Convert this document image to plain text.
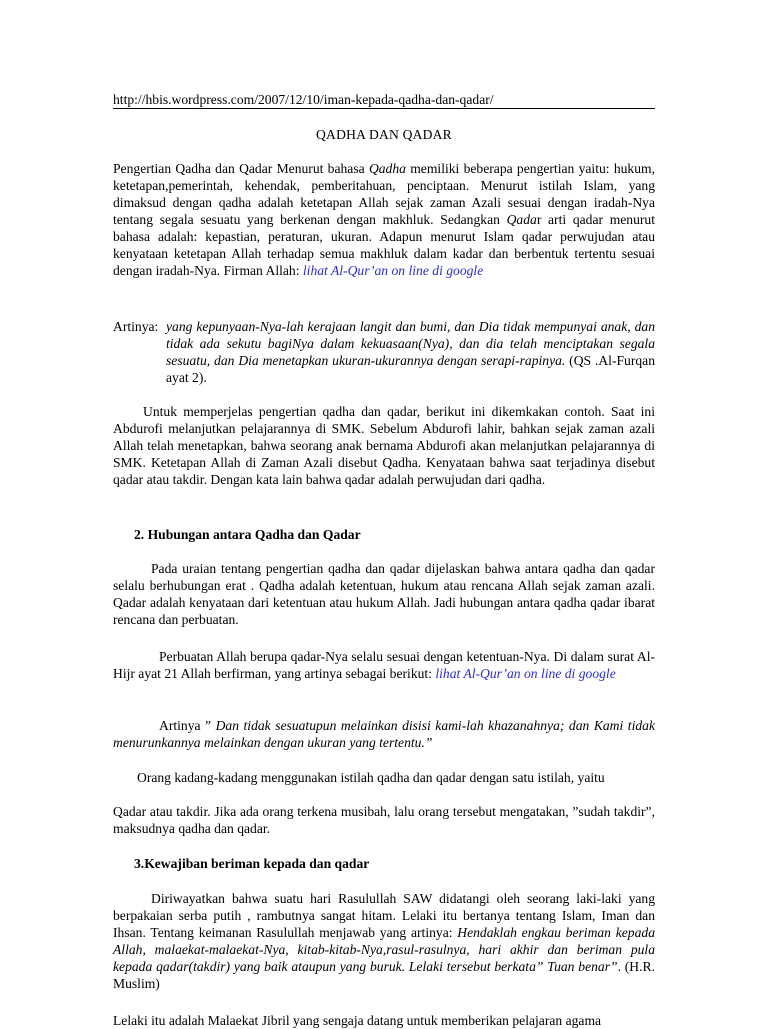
http://hbis.wordpress.com/2007/12/10/iman-kepada-qadha-dan-qadar/
QADHA DAN QADAR

Pengertian Qadha dan Qadar Menurut bahasa Qadha memiliki beberapa pengertian yaitu: hukum, ketetapan,pemerintah, kehendak, pemberitahuan, penciptaan. Menurut istilah Islam, yang dimaksud dengan qadha adalah ketetapan Allah sejak zaman Azali sesuai dengan iradah-Nya tentang segala sesuatu yang berkenan dengan makhluk. Sedangkan Qadar arti qadar menurut bahasa adalah: kepastian, peraturan, ukuran. Adapun menurut Islam qadar perwujudan atau kenyataan ketetapan Allah terhadap semua makhluk dalam kadar dan berbentuk tertentu sesuai dengan iradah-Nya. Firman Allah: lihat Al-Qur’an on line di google

Artinya: yang kepunyaan-Nya-lah kerajaan langit dan bumi, dan Dia tidak mempunyai anak, dan tidak ada sekutu bagiNya dalam kekuasaan(Nya), dan dia telah menciptakan segala sesuatu, dan Dia menetapkan ukuran-ukurannya dengan serapi-rapinya. (QS .Al-Furqan ayat 2).

Untuk memperjelas pengertian qadha dan qadar, berikut ini dikemkakan contoh. Saat ini Abdurofi melanjutkan pelajarannya di SMK. Sebelum Abdurofi lahir, bahkan sejak zaman azali Allah telah menetapkan, bahwa seorang anak bernama Abdurofi akan melanjutkan pelajarannya di SMK. Ketetapan Allah di Zaman Azali disebut Qadha. Kenyataan bahwa saat terjadinya disebut qadar atau takdir. Dengan kata lain bahwa qadar adalah perwujudan dari qadha.

2. Hubungan antara Qadha dan Qadar

Pada uraian tentang pengertian qadha dan qadar dijelaskan bahwa antara qadha dan qadar selalu berhubungan erat . Qadha adalah ketentuan, hukum atau rencana Allah sejak zaman azali. Qadar adalah kenyataan dari ketentuan atau hukum Allah. Jadi hubungan antara qadha qadar ibarat rencana dan perbuatan.

Perbuatan Allah berupa qadar-Nya selalu sesuai dengan ketentuan-Nya. Di dalam surat Al-Hijr ayat 21 Allah berfirman, yang artinya sebagai berikut: lihat Al-Qur’an on line di google

Artinya ” Dan tidak sesuatupun melainkan disisi kami-lah khazanahnya; dan Kami tidak menurunkannya melainkan dengan ukuran yang tertentu.”

Orang kadang-kadang menggunakan istilah qadha dan qadar dengan satu istilah, yaitu

Qadar atau takdir. Jika ada orang terkena musibah, lalu orang tersebut mengatakan, ”sudah takdir”, maksudnya qadha dan qadar.

3.Kewajiban beriman kepada dan qadar

Diriwayatkan bahwa suatu hari Rasulullah SAW didatangi oleh seorang laki-laki yang berpakaian serba putih , rambutnya sangat hitam. Lelaki itu bertanya tentang Islam, Iman dan Ihsan. Tentang keimanan Rasulullah menjawab yang artinya: Hendaklah engkau beriman kepada Allah, malaekat-malaekat-Nya, kitab-kitab-Nya,rasul-rasulnya, hari akhir dan beriman pula kepada qadar(takdir) yang baik ataupun yang buruk. Lelaki tersebut berkata” Tuan benar”. (H.R. Muslim)

Lelaki itu adalah Malaekat Jibril yang sengaja datang untuk memberikan pelajaran agama
